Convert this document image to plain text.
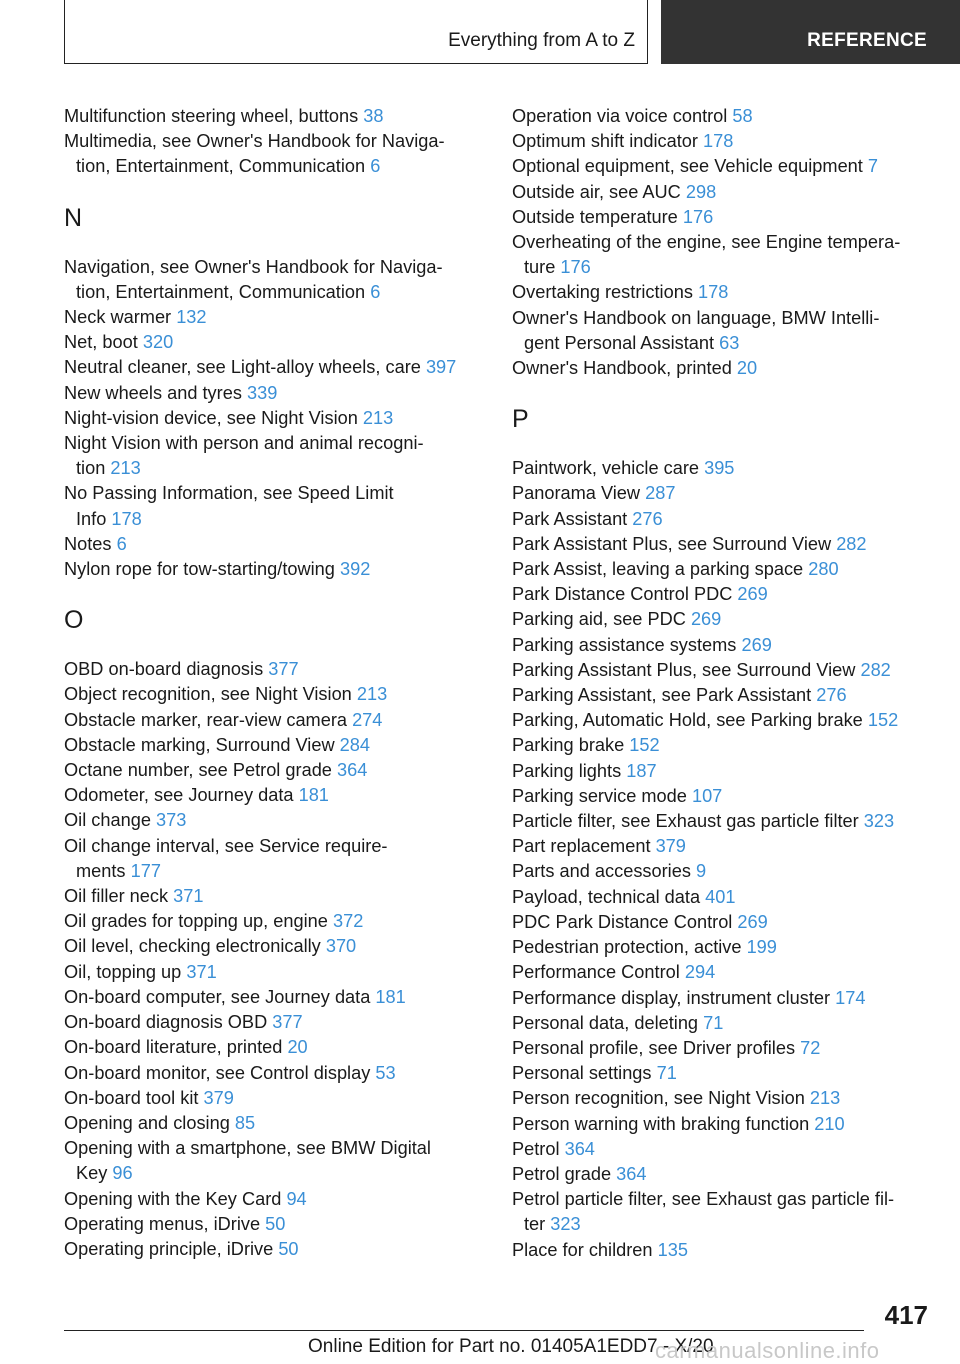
Everything from A to Z	REFERENCE
Multifunction steering wheel, buttons 38
Multimedia, see Owner's Handbook for Naviga-
tion, Entertainment, Communication 6
N
Navigation, see Owner's Handbook for Naviga-
tion, Entertainment, Communication 6
Neck warmer 132
Net, boot 320
Neutral cleaner, see Light-alloy wheels, care 397
New wheels and tyres 339
Night-vision device, see Night Vision 213
Night Vision with person and animal recogni-
tion 213
No Passing Information, see Speed Limit
Info 178
Notes 6
Nylon rope for tow-starting/towing 392
O
OBD on-board diagnosis 377
Object recognition, see Night Vision 213
Obstacle marker, rear-view camera 274
Obstacle marking, Surround View 284
Octane number, see Petrol grade 364
Odometer, see Journey data 181
Oil change 373
Oil change interval, see Service require-
ments 177
Oil filler neck 371
Oil grades for topping up, engine 372
Oil level, checking electronically 370
Oil, topping up 371
On-board computer, see Journey data 181
On-board diagnosis OBD 377
On-board literature, printed 20
On-board monitor, see Control display 53
On-board tool kit 379
Opening and closing 85
Opening with a smartphone, see BMW Digital
Key 96
Opening with the Key Card 94
Operating menus, iDrive 50
Operating principle, iDrive 50
Operation via voice control 58
Optimum shift indicator 178
Optional equipment, see Vehicle equipment 7
Outside air, see AUC 298
Outside temperature 176
Overheating of the engine, see Engine tempera-
ture 176
Overtaking restrictions 178
Owner's Handbook on language, BMW Intelli-
gent Personal Assistant 63
Owner's Handbook, printed 20
P
Paintwork, vehicle care 395
Panorama View 287
Park Assistant 276
Park Assistant Plus, see Surround View 282
Park Assist, leaving a parking space 280
Park Distance Control PDC 269
Parking aid, see PDC 269
Parking assistance systems 269
Parking Assistant Plus, see Surround View 282
Parking Assistant, see Park Assistant 276
Parking, Automatic Hold, see Parking brake 152
Parking brake 152
Parking lights 187
Parking service mode 107
Particle filter, see Exhaust gas particle filter 323
Part replacement 379
Parts and accessories 9
Payload, technical data 401
PDC Park Distance Control 269
Pedestrian protection, active 199
Performance Control 294
Performance display, instrument cluster 174
Personal data, deleting 71
Personal profile, see Driver profiles 72
Personal settings 71
Person recognition, see Night Vision 213
Person warning with braking function 210
Petrol 364
Petrol grade 364
Petrol particle filter, see Exhaust gas particle fil-
ter 323
Place for children 135
417
Online Edition for Part no. 01405A1EDD7 - X/20
carmanualsonline.info
